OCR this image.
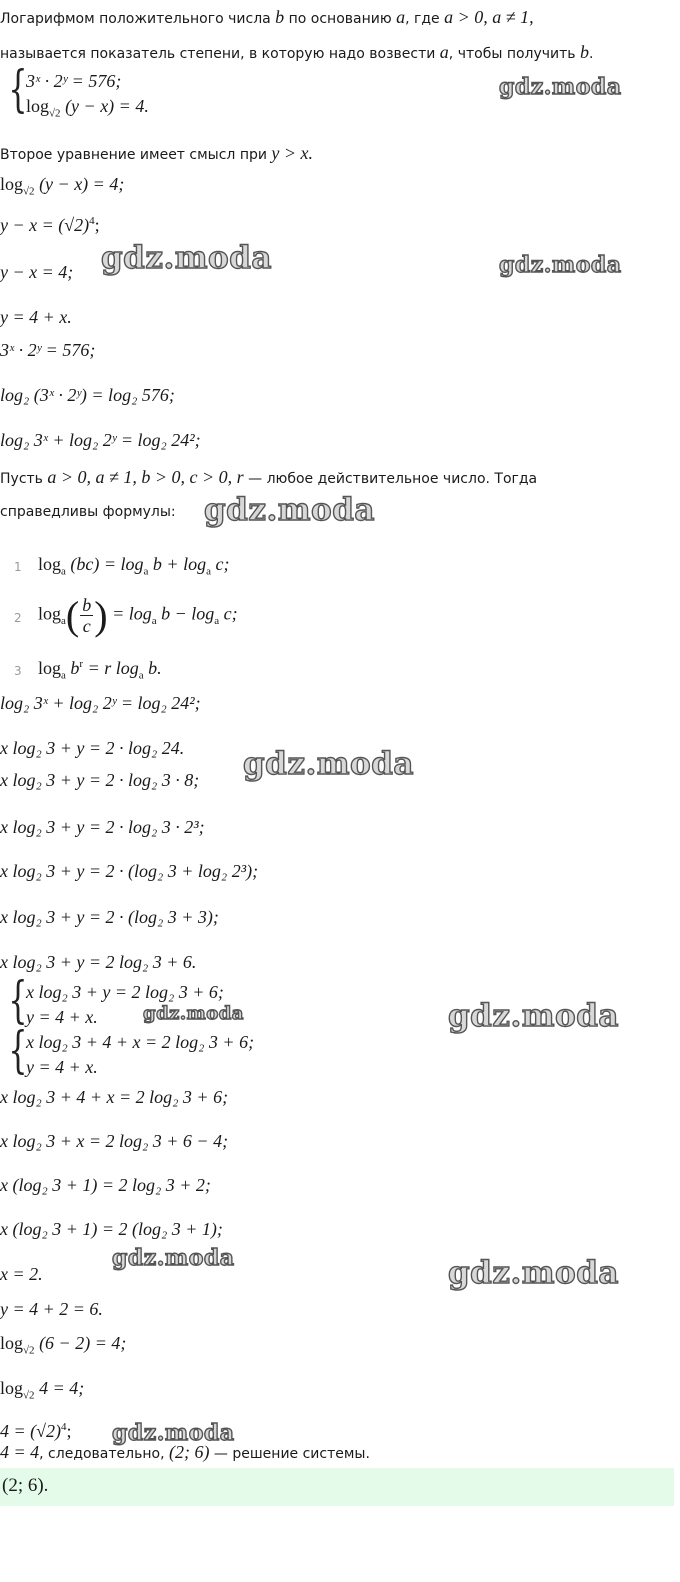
Логарифмом положительного числа b по основанию a, где a > 0, a ≠ 1,
называется показатель степени, в которую надо возвести a, чтобы получить b.
{
3ˣ · 2ʸ = 576;
$\log_{√2} (y - x) = 4$.
Второе уравнение имеет смысл при y > x.
$\log_{√2} (y - x) = 4$;
$y - x = (√2)^4$;
y − x = 4;
y = 4 + x.
3ˣ · 2ʸ = 576;
log₂ (3ˣ · 2ʸ) = log₂ 576;
log₂ 3ˣ + log₂ 2ʸ = log₂ 24²;
Пусть a > 0, a ≠ 1, b > 0, c > 0, r — любое действительное число. Тогда
справедливы формулы:
1 $\log_a (bc) = \log_a b + \log_a c$;
2 $\log_a( \frac{b}{c}$ ) = $\log_a b - \log_a c$;
3 $\log_a b^r = r$ $\log_a b$.
log₂ 3ˣ + log₂ 2ʸ = log₂ 24²;
x log₂ 3 + y = 2 · log₂ 24.
x log₂ 3 + y = 2 · log₂ 3 · 8;
x log₂ 3 + y = 2 · log₂ 3 · 2³;
x log₂ 3 + y = 2 · (log₂ 3 + log₂ 2³);
x log₂ 3 + y = 2 · (log₂ 3 + 3);
x log₂ 3 + y = 2 log₂ 3 + 6.
{
x log₂ 3 + y = 2 log₂ 3 + 6;
y = 4 + x.
{
x log₂ 3 + 4 + x = 2 log₂ 3 + 6;
y = 4 + x.
x log₂ 3 + 4 + x = 2 log₂ 3 + 6;
x log₂ 3 + x = 2 log₂ 3 + 6 − 4;
x (log₂ 3 + 1) = 2 log₂ 3 + 2;
x (log₂ 3 + 1) = 2 (log₂ 3 + 1);
x = 2.
y = 4 + 2 = 6.
$\log_{√2} (6 - 2) = 4$;
$\log_{√2} 4 = 4$;
$4 = (√2)^4$;
4 = 4, следовательно, (2; 6) — решение системы.
(2; 6).
gdz.moda
gdz.moda	gdz.moda
gdz.moda
gdz.moda
gdz.moda	gdz.moda
gdz.moda	gdz.moda
gdz.moda
